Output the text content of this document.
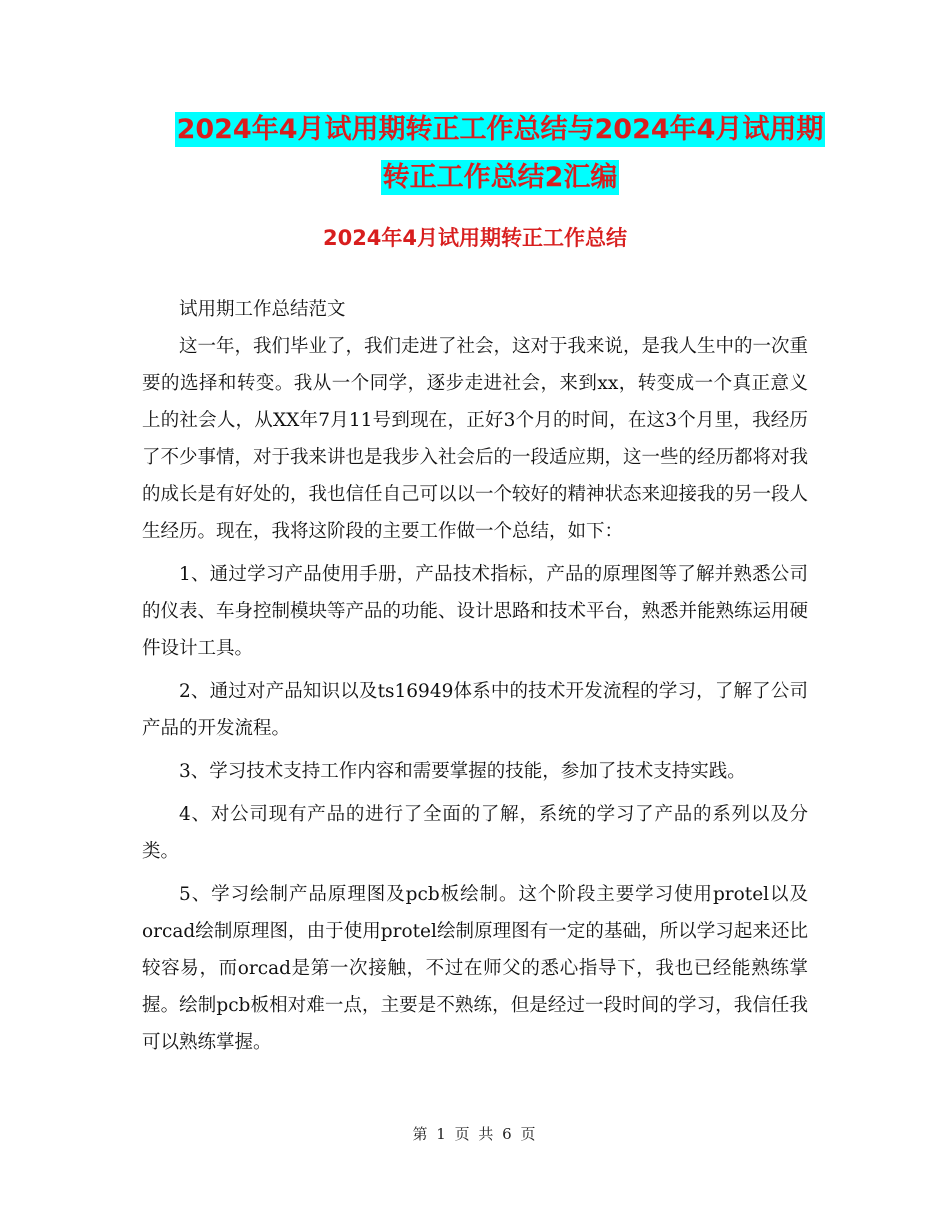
2024年4月试用期转正工作总结与2024年4月试用期
转正工作总结2汇编
2024年4月试用期转正工作总结

试用期工作总结范文

这一年，我们毕业了，我们走进了社会，这对于我来说，是我人生中的一次重要的选择和转变。我从一个同学，逐步走进社会，来到xx，转变成一个真正意义上的社会人，从XX年7月11号到现在，正好3个月的时间，在这3个月里，我经历了不少事情，对于我来讲也是我步入社会后的一段适应期，这一些的经历都将对我的成长是有好处的，我也信任自己可以以一个较好的精神状态来迎接我的另一段人生经历。现在，我将这阶段的主要工作做一个总结，如下：

1、通过学习产品使用手册，产品技术指标，产品的原理图等了解并熟悉公司的仪表、车身控制模块等产品的功能、设计思路和技术平台，熟悉并能熟练运用硬件设计工具。

2、通过对产品知识以及ts16949体系中的技术开发流程的学习，了解了公司产品的开发流程。

3、学习技术支持工作内容和需要掌握的技能，参加了技术支持实践。

4、对公司现有产品的进行了全面的了解，系统的学习了产品的系列以及分类。

5、学习绘制产品原理图及pcb板绘制。这个阶段主要学习使用protel以及orcad绘制原理图，由于使用protel绘制原理图有一定的基础，所以学习起来还比较容易，而orcad是第一次接触，不过在师父的悉心指导下，我也已经能熟练掌握。绘制pcb板相对难一点，主要是不熟练，但是经过一段时间的学习，我信任我可以熟练掌握。

第 1 页 共 6 页
